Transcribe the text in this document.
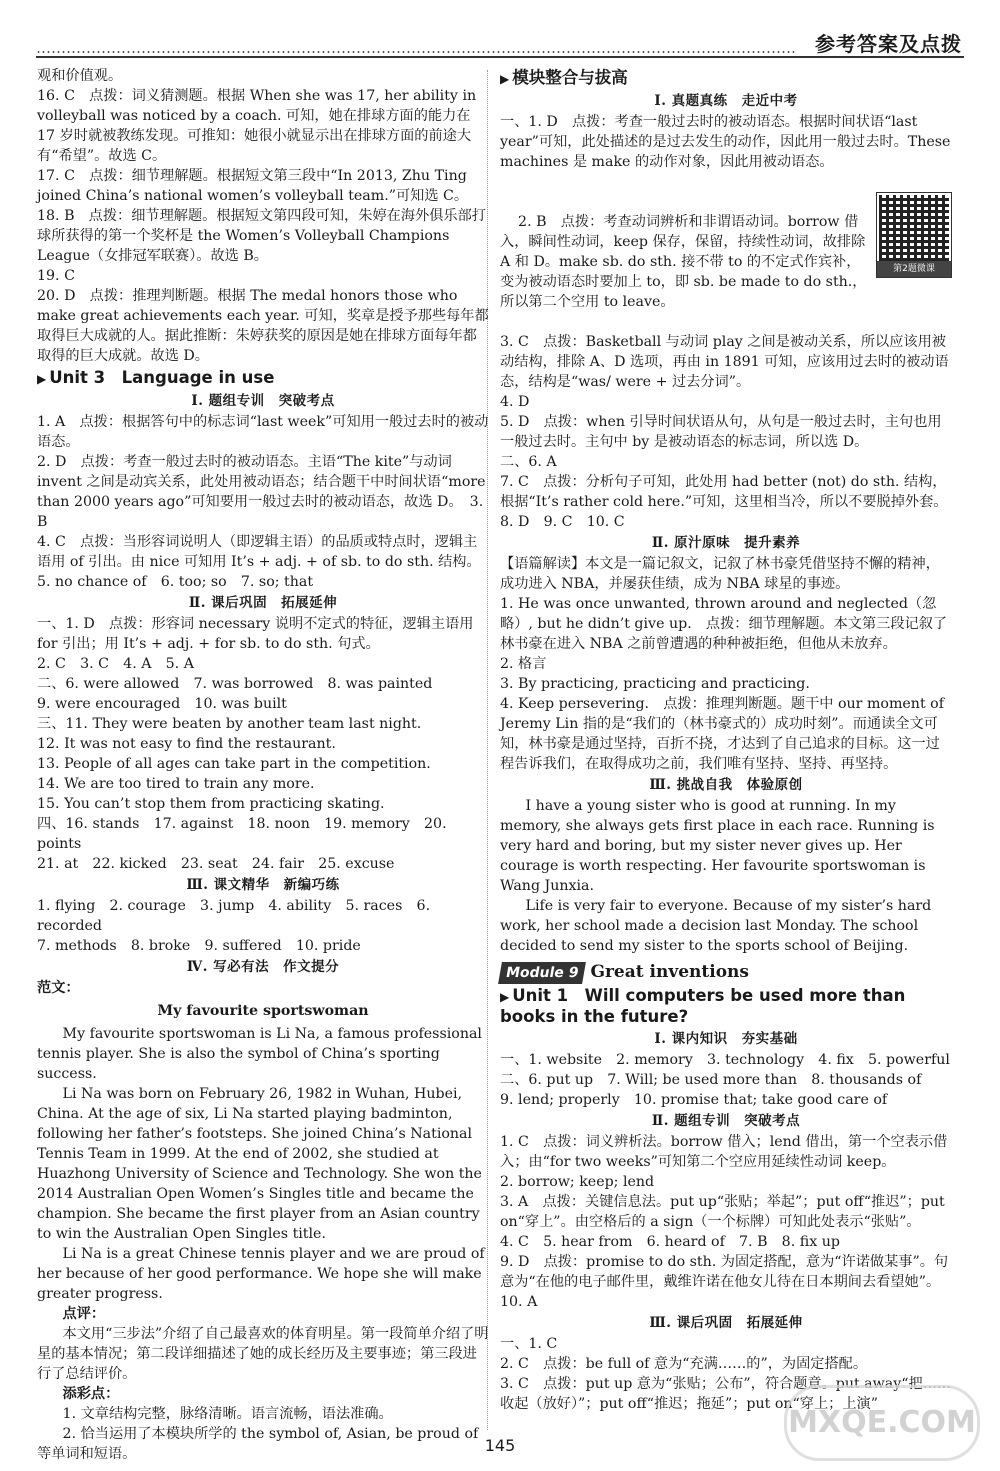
参考答案及点拨
观和价值观。
16. C　点拨：词义猜测题。根据 When she was 17, her ability in volleyball was noticed by a coach. 可知，她在排球方面的能力在 17 岁时就被教练发现。可推知：她很小就显示出在排球方面的前途大有“希望”。故选 C。
17. C　点拨：细节理解题。根据短文第三段中“In 2013, Zhu Ting joined China’s national women’s volleyball team.”可知选 C。
18. B　点拨：细节理解题。根据短文第四段可知，朱婷在海外俱乐部打球所获得的第一个奖杯是 the Women’s Volleyball Champions League（女排冠军联赛）。故选 B。
19. C
20. D　点拨：推理判断题。根据 The medal honors those who make great achievements each year. 可知，奖章是授予那些每年都取得巨大成就的人。据此推断：朱婷获奖的原因是她在排球方面每年都取得的巨大成就。故选 D。
▶ Unit 3　Language in use
Ⅰ. 题组专训　突破考点
1. A　点拨：根据答句中的标志词“last week”可知用一般过去时的被动语态。
2. D　点拨：考查一般过去时的被动语态。主语“The kite”与动词 invent 之间是动宾关系，此处用被动语态；结合题干中时间状语“more than 2000 years ago”可知要用一般过去时的被动语态，故选 D。　3. B
4. C　点拨：当形容词说明人（即逻辑主语）的品质或特点时，逻辑主语用 of 引出。由 nice 可知用 It’s + adj. + of sb. to do sth. 结构。　5. no chance of　6. too; so　7. so; that
Ⅱ. 课后巩固　拓展延伸
一、1. D　点拨：形容词 necessary 说明不定式的特征，逻辑主语用 for 引出；用 It’s + adj. + for sb. to do sth. 句式。
2. C　3. C　4. A　5. A
二、6. were allowed　7. was borrowed　8. was painted
9. were encouraged　10. was built
三、11. They were beaten by another team last night.
12. It was not easy to find the restaurant.
13. People of all ages can take part in the competition.
14. We are too tired to train any more.
15. You can’t stop them from practicing skating.
四、16. stands　17. against　18. noon　19. memory　20. points
21. at　22. kicked　23. seat　24. fair　25. excuse
Ⅲ. 课文精华　新编巧练
1. flying　2. courage　3. jump　4. ability　5. races　6. recorded
7. methods　8. broke　9. suffered　10. pride
Ⅳ. 写必有法　作文提分
范文：
My favourite sportswoman
My favourite sportswoman is Li Na, a famous professional tennis player. She is also the symbol of China’s sporting success.
Li Na was born on February 26, 1982 in Wuhan, Hubei, China. At the age of six, Li Na started playing badminton, following her father’s footsteps. She joined China’s National Tennis Team in 1999. At the end of 2002, she studied at Huazhong University of Science and Technology. She won the 2014 Australian Open Women’s Singles title and became the champion. She became the first player from an Asian country to win the Australian Open Singles title.
Li Na is a great Chinese tennis player and we are proud of her because of her good performance. We hope she will make greater progress.
点评：
本文用“三步法”介绍了自己最喜欢的体育明星。第一段简单介绍了明星的基本情况；第二段详细描述了她的成长经历及主要事迹；第三段进行了总结评价。
添彩点：
1. 文章结构完整，脉络清晰。语言流畅，语法准确。
2. 恰当运用了本模块所学的 the symbol of, Asian, be proud of 等单词和短语。
▶ 模块整合与拔高
Ⅰ. 真题真练　走近中考
一、1. D　点拨：考查一般过去时的被动语态。根据时间状语“last year”可知，此处描述的是过去发生的动作，因此用一般过去时。These machines 是 make 的动作对象，因此用被动语态。

第2题微课

2. B　点拨：考查动词辨析和非谓语动词。borrow 借入，瞬间性动词，keep 保存，保留，持续性动词，故排除 A 和 D。make sb. do sth. 接不带 to 的不定式作宾补，变为被动语态时要加上 to，即 sb. be made to do sth.，所以第二个空用 to leave。

3. C　点拨：Basketball 与动词 play 之间是被动关系，所以应该用被动结构，排除 A、D 选项，再由 in 1891 可知，应该用过去时的被动语态，结构是“was/ were + 过去分词”。
4. D
5. D　点拨：when 引导时间状语从句，从句是一般过去时，主句也用一般过去时。主句中 by 是被动语态的标志词，所以选 D。
二、6. A
7. C　点拨：分析句子可知，此处用 had better (not) do sth. 结构，根据“It’s rather cold here.”可知，这里相当冷，所以不要脱掉外套。　8. D　9. C　10. C
Ⅱ. 原汁原味　提升素养
【语篇解读】本文是一篇记叙文，记叙了林书豪凭借坚持不懈的精神，成功进入 NBA，并屡获佳绩，成为 NBA 球星的事迹。
1. He was once unwanted, thrown around and neglected（忽略）, but he didn’t give up.　点拨：细节理解题。本文第三段记叙了林书豪在进入 NBA 之前曾遭遇的种种被拒绝，但他从未放弃。
2. 格言
3. By practicing, practicing and practicing.
4. Keep persevering.　点拨：推理判断题。题干中 our moment of Jeremy Lin 指的是“我们的（林书豪式的）成功时刻”。而通读全文可知，林书豪是通过坚持，百折不挠，才达到了自己追求的目标。这一过程告诉我们，在取得成功之前，我们唯有坚持、坚持、再坚持。
Ⅲ. 挑战自我　体验原创
I have a young sister who is good at running. In my memory, she always gets first place in each race. Running is very hard and boring, but my sister never gives up. Her courage is worth respecting. Her favourite sportswoman is Wang Junxia.
Life is very fair to everyone. Because of my sister’s hard work, her school made a decision last Monday. The school decided to send my sister to the sports school of Beijing.
Module 9 Great inventions
▶ Unit 1　Will computers be used more than books in the future?
Ⅰ. 课内知识　夯实基础
一、1. website　2. memory　3. technology　4. fix　5. powerful
二、6. put up　7. Will; be used more than　8. thousands of
9. lend; properly　10. promise that; take good care of
Ⅱ. 题组专训　突破考点
1. C　点拨：词义辨析法。borrow 借入；lend 借出，第一个空表示借入；由“for two weeks”可知第二个空应用延续性动词 keep。
2. borrow; keep; lend
3. A　点拨：关键信息法。put up“张贴；举起”；put off“推迟”；put on“穿上”。由空格后的 a sign（一个标牌）可知此处表示“张贴”。
4. C　5. hear from　6. heard of　7. B　8. fix up
9. D　点拨：promise to do sth. 为固定搭配，意为“许诺做某事”。句意为“在他的电子邮件里，戴维许诺在他女儿待在日本期间去看望她”。　10. A
Ⅲ. 课后巩固　拓展延伸
一、1. C
2. C　点拨：be full of 意为“充满……的”，为固定搭配。
3. C　点拨：put up 意为“张贴；公布”，符合题意。put away“把……收起（放好）”；put off“推迟；拖延”；put on“穿上；上演”
145
MXQE.COM
